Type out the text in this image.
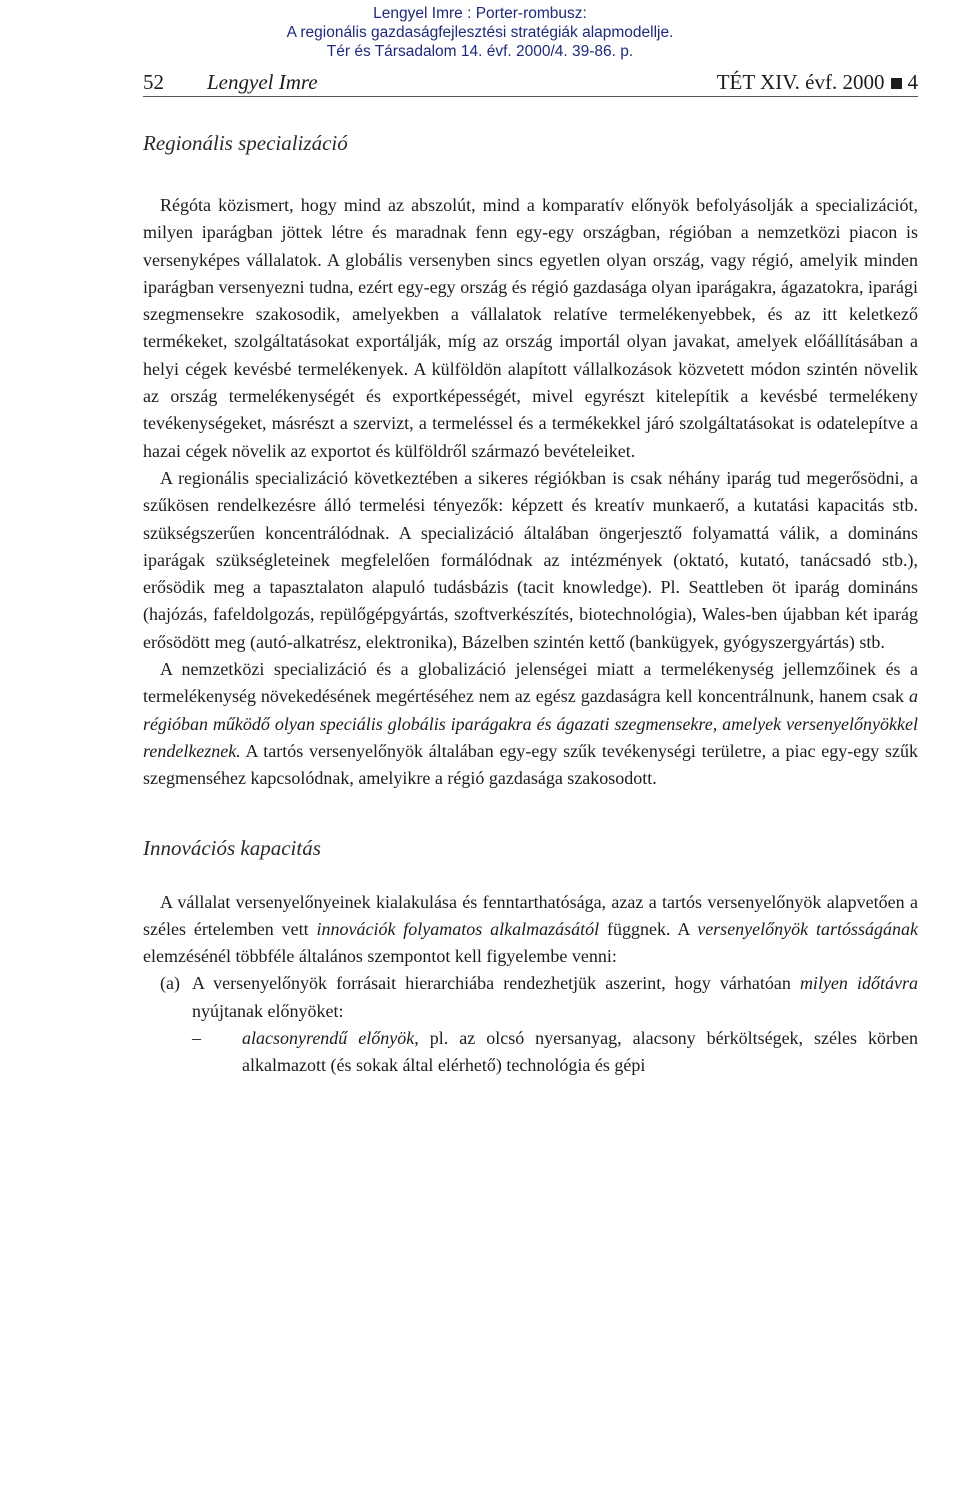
Lengyel Imre : Porter-rombusz:
A regionális gazdaságfejlesztési stratégiák alapmodellje.
Tér és Társadalom 14. évf. 2000/4. 39-86. p.
52 Lengyel Imre	TÉT XIV. évf. 2000 4
Regionális specializáció

Régóta közismert, hogy mind az abszolút, mind a komparatív előnyök befolyásolják a specializációt, milyen iparágban jöttek létre és maradnak fenn egy-egy országban, régióban a nemzetközi piacon is versenyképes vállalatok. A globális versenyben sincs egyetlen olyan ország, vagy régió, amelyik minden iparágban versenyezni tudna, ezért egy-egy ország és régió gazdasága olyan iparágakra, ágazatokra, iparági szegmensekre szakosodik, amelyekben a vállalatok relatíve termelékenyebbek, és az itt keletkező termékeket, szolgáltatásokat exportálják, míg az ország importál olyan javakat, amelyek előállításában a helyi cégek kevésbé termelékenyek. A külföldön alapított vállalkozások közvetett módon szintén növelik az ország termelékenységét és exportképességét, mivel egyrészt kitelepítik a kevésbé termelékeny tevékenységeket, másrészt a szervizt, a termeléssel és a termékekkel járó szolgáltatásokat is odatelepítve a hazai cégek növelik az exportot és külföldről származó bevételeiket.

A regionális specializáció következtében a sikeres régiókban is csak néhány iparág tud megerősödni, a szűkösen rendelkezésre álló termelési tényezők: képzett és kreatív munkaerő, a kutatási kapacitás stb. szükségszerűen koncentrálódnak. A specializáció általában öngerjesztő folyamattá válik, a domináns iparágak szükségleteinek megfelelően formálódnak az intézmények (oktató, kutató, tanácsadó stb.), erősödik meg a tapasztalaton alapuló tudásbázis (tacit knowledge). Pl. Seattleben öt iparág domináns (hajózás, fafeldolgozás, repülőgépgyártás, szoftverkészítés, biotechnológia), Wales-ben újabban két iparág erősödött meg (autó-alkatrész, elektronika), Bázelben szintén kettő (bankügyek, gyógyszergyártás) stb.

A nemzetközi specializáció és a globalizáció jelenségei miatt a termelékenység jellemzőinek és a termelékenység növekedésének megértéséhez nem az egész gazdaságra kell koncentrálnunk, hanem csak a régióban működő olyan speciális globális iparágakra és ágazati szegmensekre, amelyek versenyelőnyökkel rendelkeznek. A tartós versenyelőnyök általában egy-egy szűk tevékenységi területre, a piac egy-egy szűk szegmenséhez kapcsolódnak, amelyikre a régió gazdasága szakosodott.

Innovációs kapacitás

A vállalat versenyelőnyeinek kialakulása és fenntarthatósága, azaz a tartós versenyelőnyök alapvetően a széles értelemben vett innovációk folyamatos alkalmazásától függnek. A versenyelőnyök tartósságának elemzésénél többféle általános szempontot kell figyelembe venni:

(a) A versenyelőnyök forrásait hierarchiába rendezhetjük aszerint, hogy várhatóan milyen időtávra nyújtanak előnyöket:
– alacsonyrendű előnyök, pl. az olcsó nyersanyag, alacsony bérköltségek, széles körben alkalmazott (és sokak által elérhető) technológia és gépi
